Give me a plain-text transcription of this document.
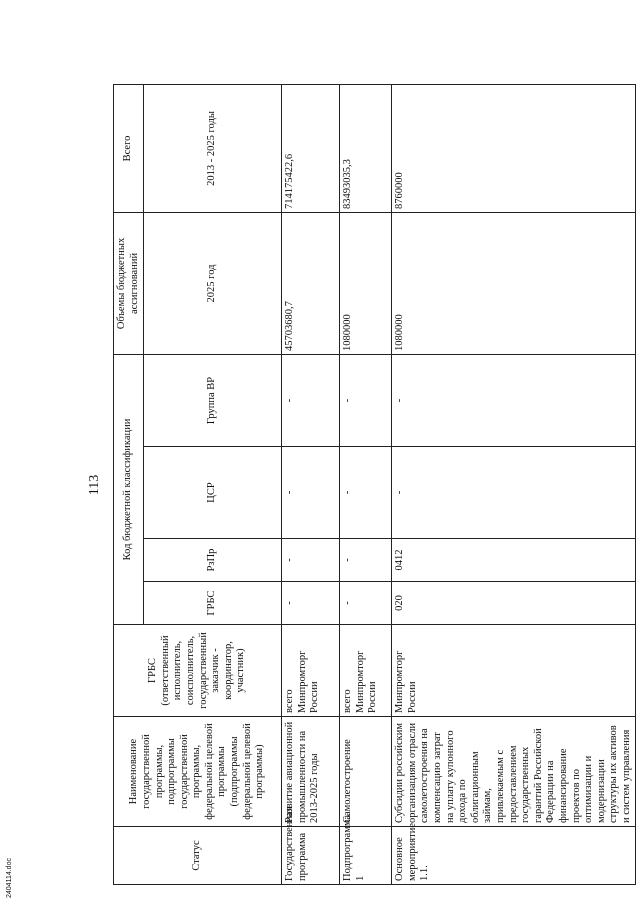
113
Статус	Наименование государственной программы, подпрограммы государственной программы, федеральной целевой программы (подпрограммы федеральной целевой программы)	ГРБС (ответственный исполнитель, соисполнитель, государственный заказчик - координатор, участник)	Код бюджетной классификации				Объемы бюджетных ассигнований	Всего
			ГРБС	РзПр	ЦСР	Группа ВР	2025 год	2013 - 2025 годы

Государственная программа	Развитие авиационной промышленности на 2013-2025 годы	всего Минпромторг России	-	-	-	-	45703680,7	714175422,6
Подпрограмма 1	Самолетостроение	всего Минпромторг России	-	-	-	-	1080000	83493035,3
Основное мероприятие 1.1.	Субсидии российским организациям отрасли самолетостроения на компенсацию затрат на уплату купонного дохода по облигационным займам, привлекаемым с предоставлением государственных гарантий Российской Федерации на финансирование проектов по оптимизации и модернизации структуры их активов и систем управления	Минпромторг России	020	0412	-	-	1080000	8760000
2404114.doc
